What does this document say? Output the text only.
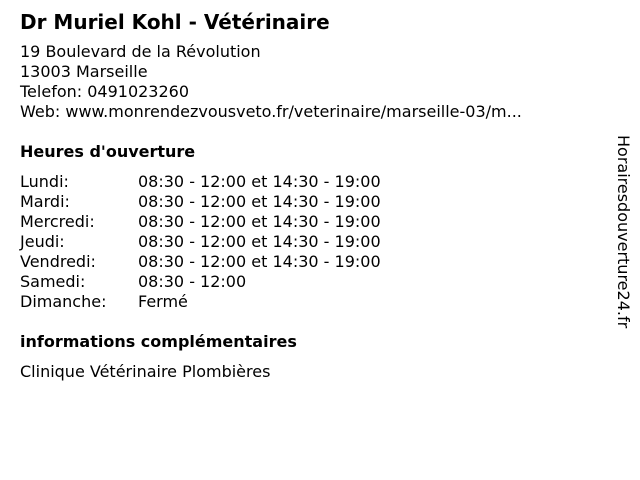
Dr Muriel Kohl - Vétérinaire
19 Boulevard de la Révolution
13003 Marseille
Telefon: 0491023260
Web: www.monrendezvousveto.fr/veterinaire/marseille-03/m...
Heures d'ouverture
Lundi:	08:30 - 12:00 et 14:30 - 19:00
Mardi:	08:30 - 12:00 et 14:30 - 19:00
Mercredi:	08:30 - 12:00 et 14:30 - 19:00
Jeudi:	08:30 - 12:00 et 14:30 - 19:00
Vendredi:	08:30 - 12:00 et 14:30 - 19:00
Samedi:	08:30 - 12:00
Dimanche:	Fermé
informations complémentaires
Clinique Vétérinaire Plombières
Horairesdouverture24.fr
